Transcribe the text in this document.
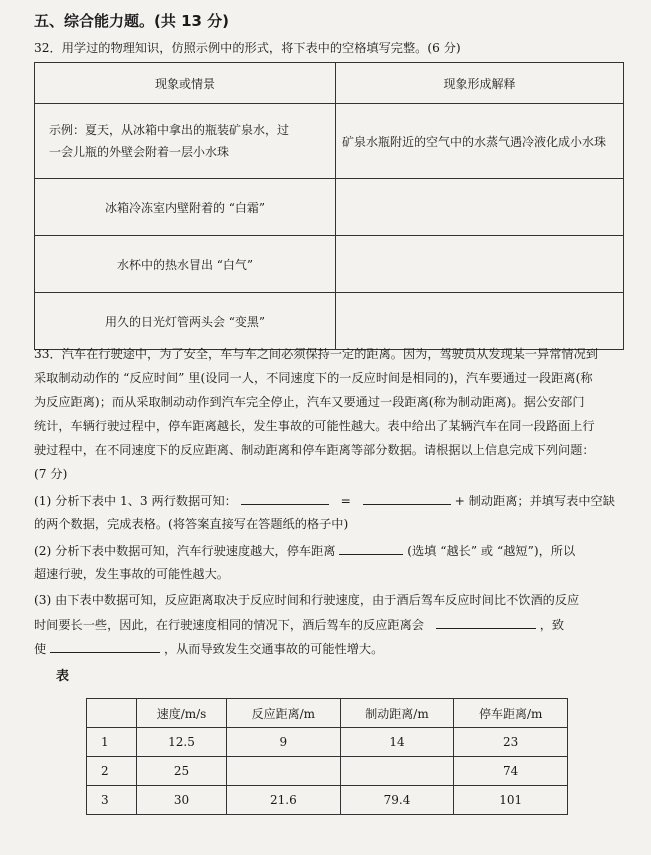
五、综合能力题。(共 13 分)
32．用学过的物理知识，仿照示例中的形式，将下表中的空格填写完整。(6 分)
现象或情景	现象形成解释

示例：夏天，从冰箱中拿出的瓶装矿泉水，过
一会儿瓶的外壁会附着一层小水珠	矿泉水瓶附近的空气中的水蒸气遇冷液化成小水珠
冰箱冷冻室内壁附着的 “白霜”	
水杯中的热水冒出 “白气”	
用久的日光灯管两头会 “变黑”	
33．汽车在行驶途中，为了安全，车与车之间必须保持一定的距离。因为，驾驶员从发现某一异常情况到
采取制动动作的 “反应时间” 里(设同一人，不同速度下的一反应时间是相同的)，汽车要通过一段距离(称
为反应距离)；而从采取制动动作到汽车完全停止，汽车又要通过一段距离(称为制动距离)。据公安部门
统计，车辆行驶过程中，停车距离越长，发生事故的可能性越大。表中给出了某辆汽车在同一段路面上行
驶过程中，在不同速度下的反应距离、制动距离和停车距离等部分数据。请根据以上信息完成下列问题：
(7 分)
(1) 分析下表中 1、3 两行数据可知：	=	+ 制动距离；并填写表中空缺
的两个数据，完成表格。(将答案直接写在答题纸的格子中)
(2) 分析下表中数据可知，汽车行驶速度越大，停车距离	(选填 “越长” 或 “越短”)，所以
超速行驶，发生事故的可能性越大。
(3) 由下表中数据可知，反应距离取决于反应时间和行驶速度，由于酒后驾车反应时间比不饮酒的反应
时间要长一些，因此，在行驶速度相同的情况下，酒后驾车的反应距离会	，致
使	，从而导致发生交通事故的可能性增大。
表
	速度/m/s	反应距离/m	制动距离/m	停车距离/m
1	12.5	9	14	23
2	25			74
3	30	21.6	79.4	101
